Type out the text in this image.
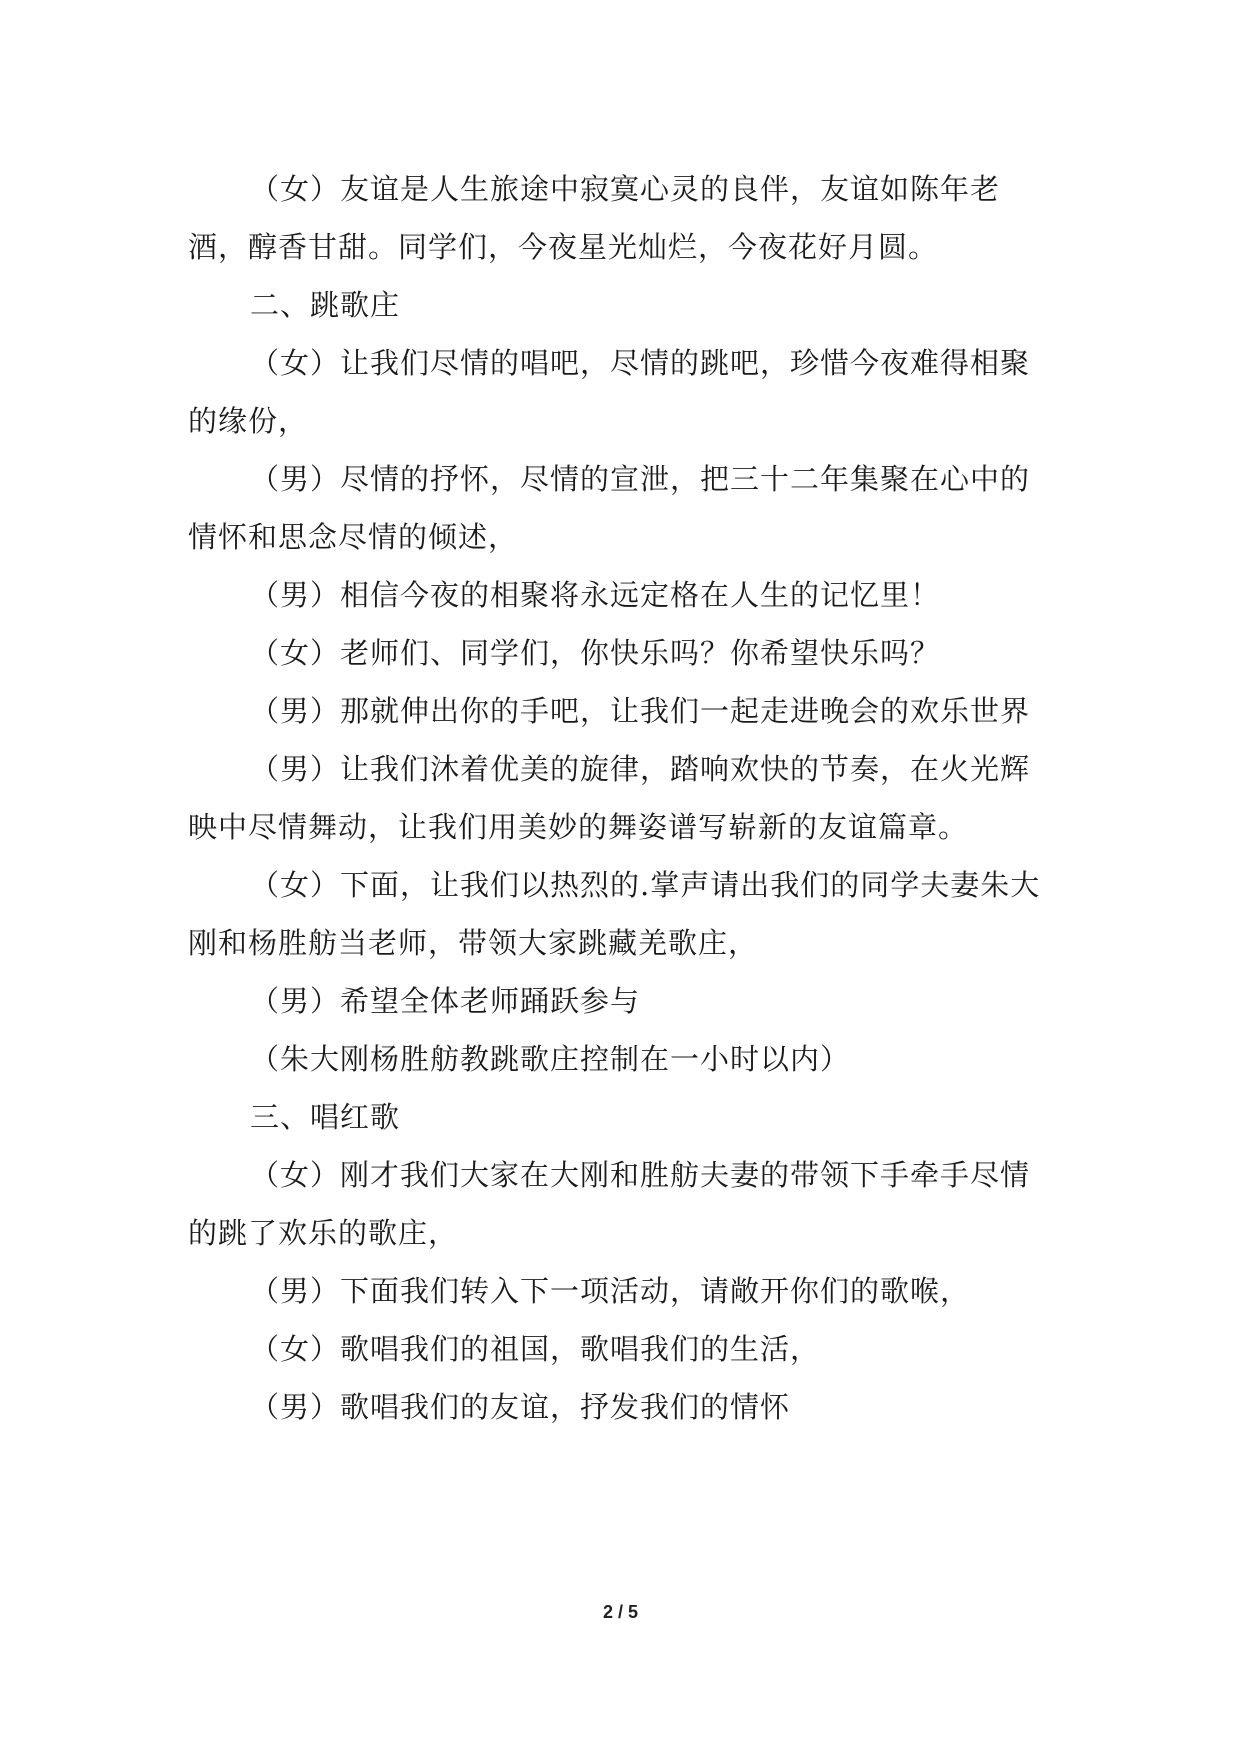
（女）友谊是人生旅途中寂寞心灵的良伴，友谊如陈年老酒，醇香甘甜。同学们，今夜星光灿烂，今夜花好月圆。

二、跳歌庄

（女）让我们尽情的唱吧，尽情的跳吧，珍惜今夜难得相聚的缘份，

（男）尽情的抒怀，尽情的宣泄，把三十二年集聚在心中的情怀和思念尽情的倾述，

（男）相信今夜的相聚将永远定格在人生的记忆里！

（女）老师们、同学们，你快乐吗？你希望快乐吗？

（男）那就伸出你的手吧，让我们一起走进晚会的欢乐世界

（男）让我们沐着优美的旋律，踏响欢快的节奏，在火光辉映中尽情舞动，让我们用美妙的舞姿谱写崭新的友谊篇章。

（女）下面，让我们以热烈的.掌声请出我们的同学夫妻朱大刚和杨胜舫当老师，带领大家跳藏羌歌庄，

（男）希望全体老师踊跃参与

（朱大刚杨胜舫教跳歌庄控制在一小时以内）

三、唱红歌

（女）刚才我们大家在大刚和胜舫夫妻的带领下手牵手尽情的跳了欢乐的歌庄，

（男）下面我们转入下一项活动，请敞开你们的歌喉，

（女）歌唱我们的祖国，歌唱我们的生活，

（男）歌唱我们的友谊，抒发我们的情怀

2 / 5
